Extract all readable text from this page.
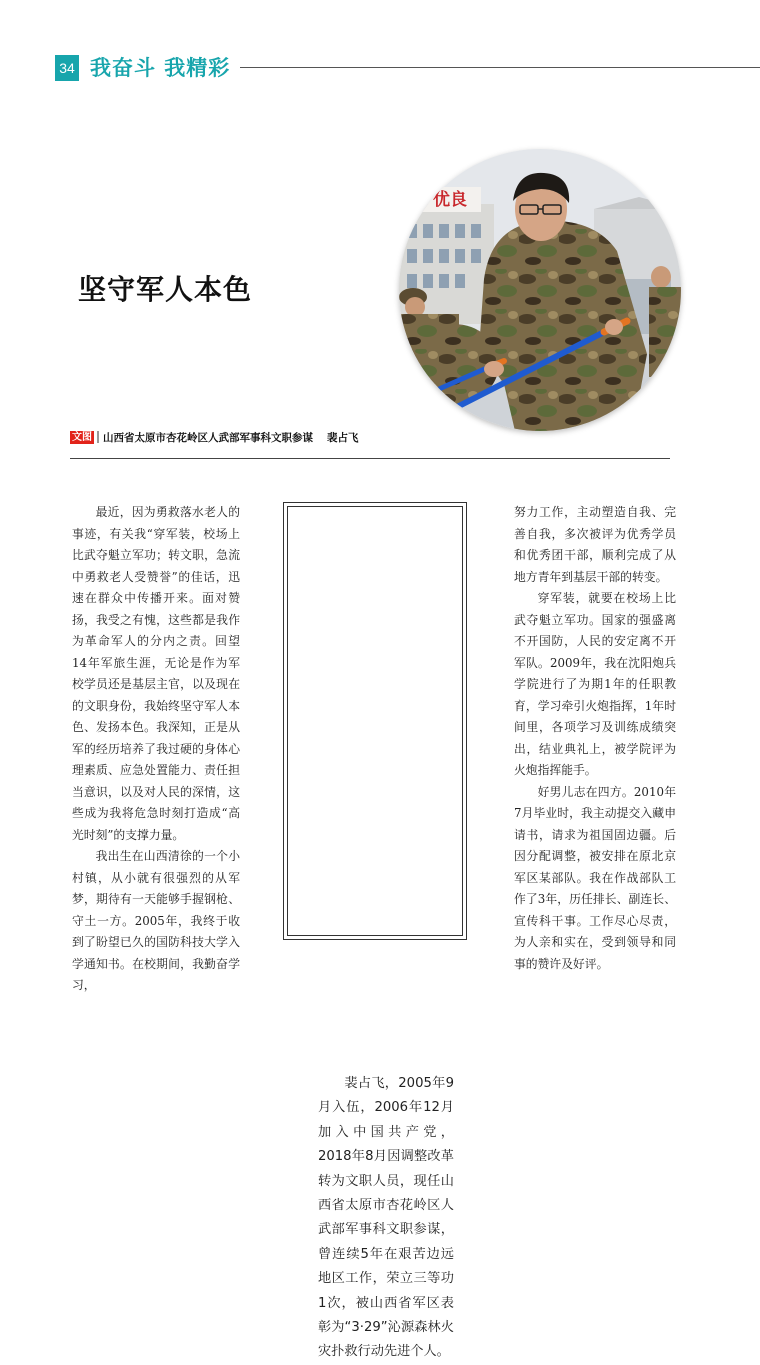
34 我奋斗 我精彩
坚守军人本色
优良
文图 山西省太原市杏花岭区人武部军事科文职参谋 裴占飞

最近，因为勇救落水老人的事迹，有关我“穿军装，校场上比武夺魁立军功；转文职，急流中勇救老人受赞誉”的佳话，迅速在群众中传播开来。面对赞扬，我受之有愧，这些都是我作为革命军人的分内之责。回望14年军旅生涯，无论是作为军校学员还是基层主官，以及现在的文职身份，我始终坚守军人本色、发扬本色。我深知，正是从军的经历培养了我过硬的身体心理素质、应急处置能力、责任担当意识，以及对人民的深情，这些成为我将危急时刻打造成“高光时刻”的支撑力量。

我出生在山西清徐的一个小村镇，从小就有很强烈的从军梦，期待有一天能够手握钢枪、守土一方。2005年，我终于收到了盼望已久的国防科技大学入学通知书。在校期间，我勤奋学习，

裴占飞，2005年9月入伍，2006年12月加入中国共产党，2018年8月因调整改革转为文职人员，现任山西省太原市杏花岭区人武部军事科文职参谋，曾连续5年在艰苦边远地区工作，荣立三等功1次，被山西省军区表彰为“3·29”沁源森林火灾扑救行动先进个人。

努力工作，主动塑造自我、完善自我，多次被评为优秀学员和优秀团干部，顺利完成了从地方青年到基层干部的转变。

穿军装，就要在校场上比武夺魁立军功。国家的强盛离不开国防，人民的安定离不开军队。2009年，我在沈阳炮兵学院进行了为期1年的任职教育，学习牵引火炮指挥，1年时间里，各项学习及训练成绩突出，结业典礼上，被学院评为火炮指挥能手。

好男儿志在四方。2010年7月毕业时，我主动提交入藏申请书，请求为祖国固边疆。后因分配调整，被安排在原北京军区某部队。我在作战部队工作了3年，历任排长、副连长、宣传科干事。工作尽心尽责，为人亲和实在，受到领导和同事的赞许及好评。
